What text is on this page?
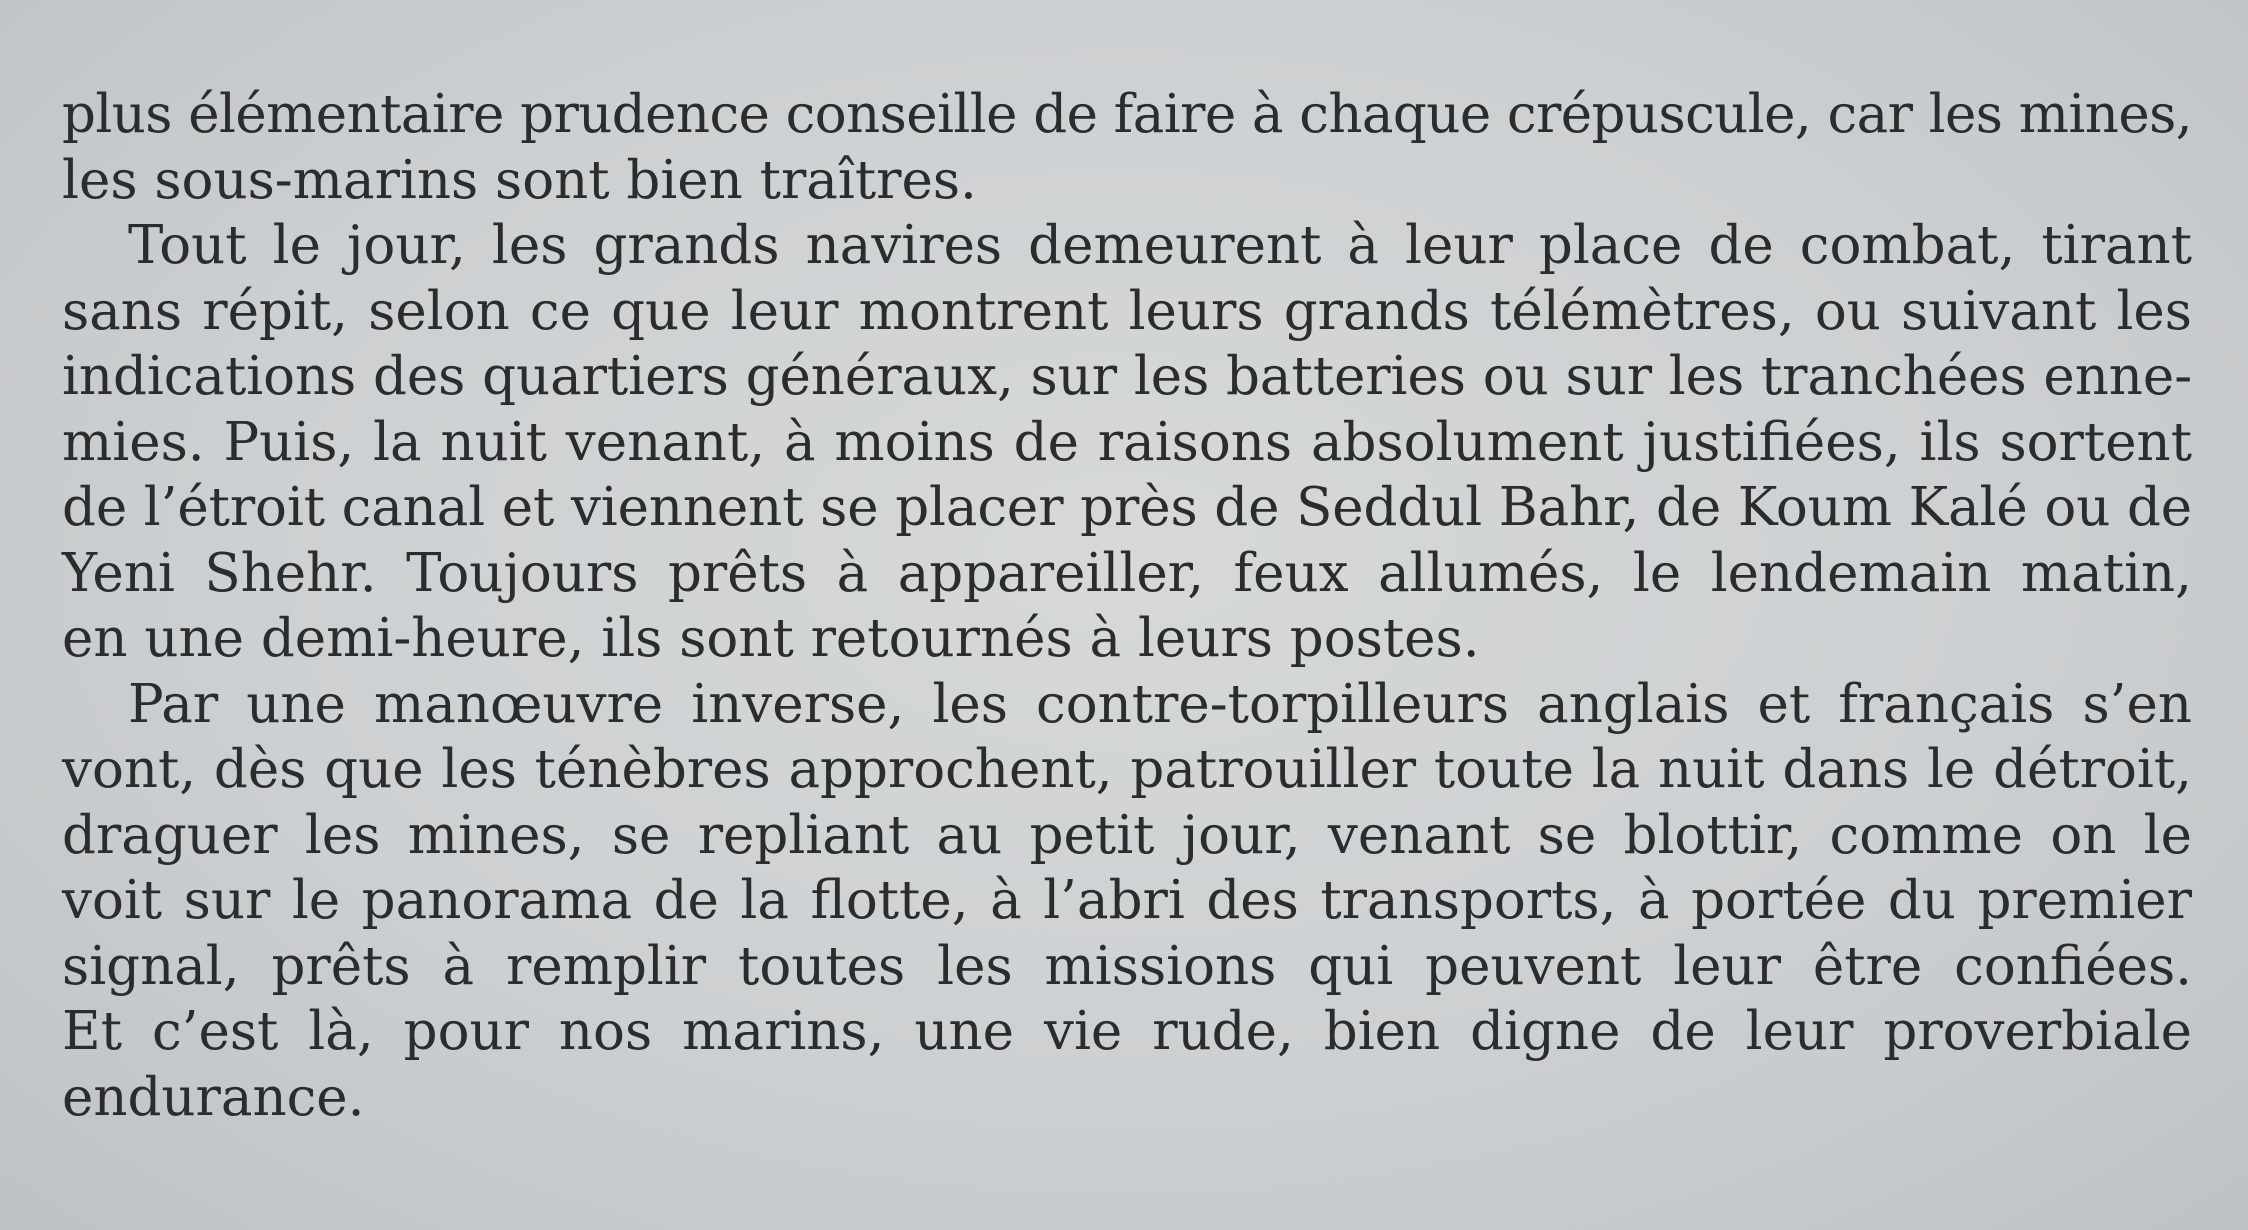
plus élémentaire prudence conseille de faire à chaque crépuscule, car les mines,
les sous-marins sont bien traîtres.

Tout le jour, les grands navires demeurent à leur place de combat, tirant
sans répit, selon ce que leur montrent leurs grands télémètres, ou suivant les
indications des quartiers généraux, sur les batteries ou sur les tranchées enne-
mies. Puis, la nuit venant, à moins de raisons absolument justifiées, ils sortent
de l’étroit canal et viennent se placer près de Seddul Bahr, de Koum Kalé ou de
Yeni Shehr. Toujours prêts à appareiller, feux allumés, le lendemain matin,
en une demi-heure, ils sont retournés à leurs postes.

Par une manœuvre inverse, les contre-torpilleurs anglais et français s’en
vont, dès que les ténèbres approchent, patrouiller toute la nuit dans le détroit,
draguer les mines, se repliant au petit jour, venant se blottir, comme on le
voit sur le panorama de la flotte, à l’abri des transports, à portée du premier
signal, prêts à remplir toutes les missions qui peuvent leur être confiées.
Et c’est là, pour nos marins, une vie rude, bien digne de leur proverbiale
endurance.
